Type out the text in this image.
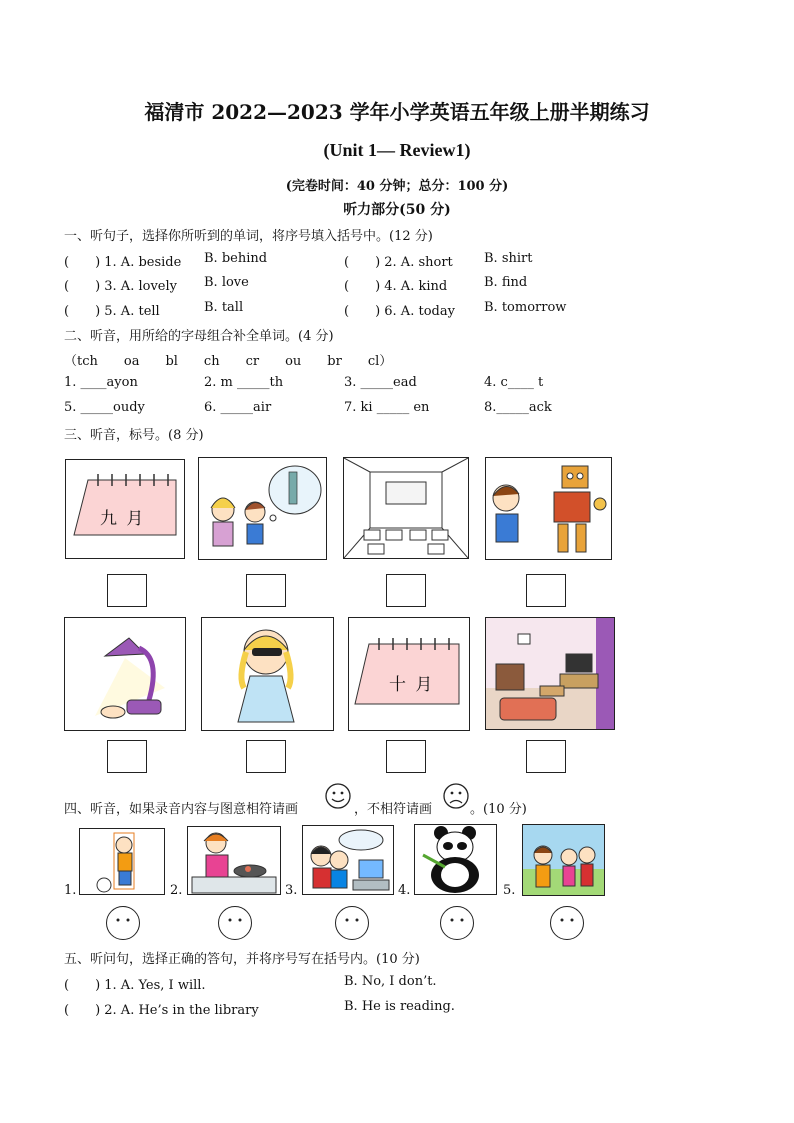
福清市 2022—2023 学年小学英语五年级上册半期练习
(Unit 1— Review1)
(完卷时间：40 分钟；总分：100 分)
听力部分(50 分)
一、听句子，选择你所听到的单词，将序号填入括号中。(12 分)
(　　) 1. A. beside B. behind	(　　) 2. A. short B. shirt
(　　) 3. A. lovely B. love	(　　) 4. A. kind	B. find
(　　) 5. A. tell	B. tall	(　　) 6. A. today B. tomorrow
二、听音，用所给的字母组合补全单词。(4 分)
（tch　　oa　　bl　　ch　　cr　　ou　　br　　cl）
1. ____ayon	2. m _____th	3. _____ead	4. c____ t
5. _____oudy	6. _____air	7. ki _____ en	8._____ack
三、听音，标号。(8 分)
九 月
十 月
四、听音，如果录音内容与图意相符请画	，不相符请画	。(10 分)
1.	2.	3.	4.	5.
五、听问句，选择正确的答句，并将序号写在括号内。(10 分)
(　　) 1. A. Yes, I will.	B. No, I don’t.
(　　) 2. A. He’s in the library	B. He is reading.
